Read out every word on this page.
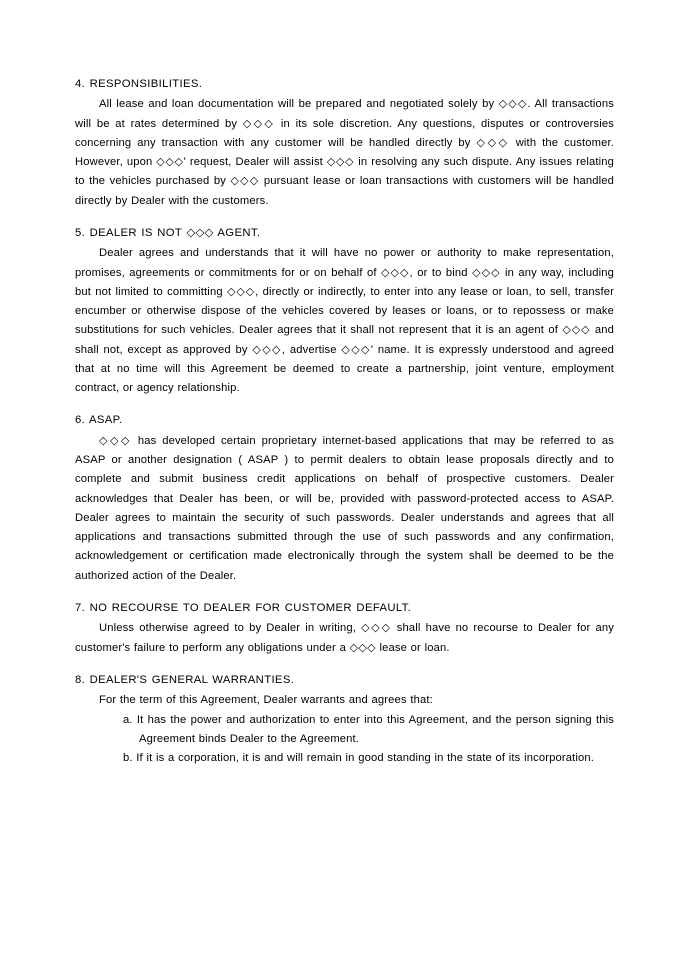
4. RESPONSIBILITIES.

All lease and loan documentation will be prepared and negotiated solely by ◇◇◇. All transactions will be at rates determined by ◇◇◇ in its sole discretion. Any questions, disputes or controversies concerning any transaction with any customer will be handled directly by ◇◇◇ with the customer. However, upon ◇◇◇' request, Dealer will assist ◇◇◇ in resolving any such dispute. Any issues relating to the vehicles purchased by ◇◇◇ pursuant lease or loan transactions with customers will be handled directly by Dealer with the customers.

5. DEALER IS NOT ◇◇◇ AGENT.

Dealer agrees and understands that it will have no power or authority to make representation, promises, agreements or commitments for or on behalf of ◇◇◇, or to bind ◇◇◇ in any way, including but not limited to committing ◇◇◇, directly or indirectly, to enter into any lease or loan, to sell, transfer encumber or otherwise dispose of the vehicles covered by leases or loans, or to repossess or make substitutions for such vehicles. Dealer agrees that it shall not represent that it is an agent of ◇◇◇ and shall not, except as approved by ◇◇◇, advertise ◇◇◇' name. It is expressly understood and agreed that at no time will this Agreement be deemed to create a partnership, joint venture, employment contract, or agency relationship.

6. ASAP.

◇◇◇ has developed certain proprietary internet-based applications that may be referred to as ASAP or another designation ( ASAP ) to permit dealers to obtain lease proposals directly and to complete and submit business credit applications on behalf of prospective customers. Dealer acknowledges that Dealer has been, or will be, provided with password-protected access to ASAP. Dealer agrees to maintain the security of such passwords. Dealer understands and agrees that all applications and transactions submitted through the use of such passwords and any confirmation, acknowledgement or certification made electronically through the system shall be deemed to be the authorized action of the Dealer.

7. NO RECOURSE TO DEALER FOR CUSTOMER DEFAULT.

Unless otherwise agreed to by Dealer in writing, ◇◇◇ shall have no recourse to Dealer for any customer's failure to perform any obligations under a ◇◇◇ lease or loan.

8. DEALER'S GENERAL WARRANTIES.

For the term of this Agreement, Dealer warrants and agrees that:

a. It has the power and authorization to enter into this Agreement, and the person signing this Agreement binds Dealer to the Agreement.
b. If it is a corporation, it is and will remain in good standing in the state of its incorporation.
